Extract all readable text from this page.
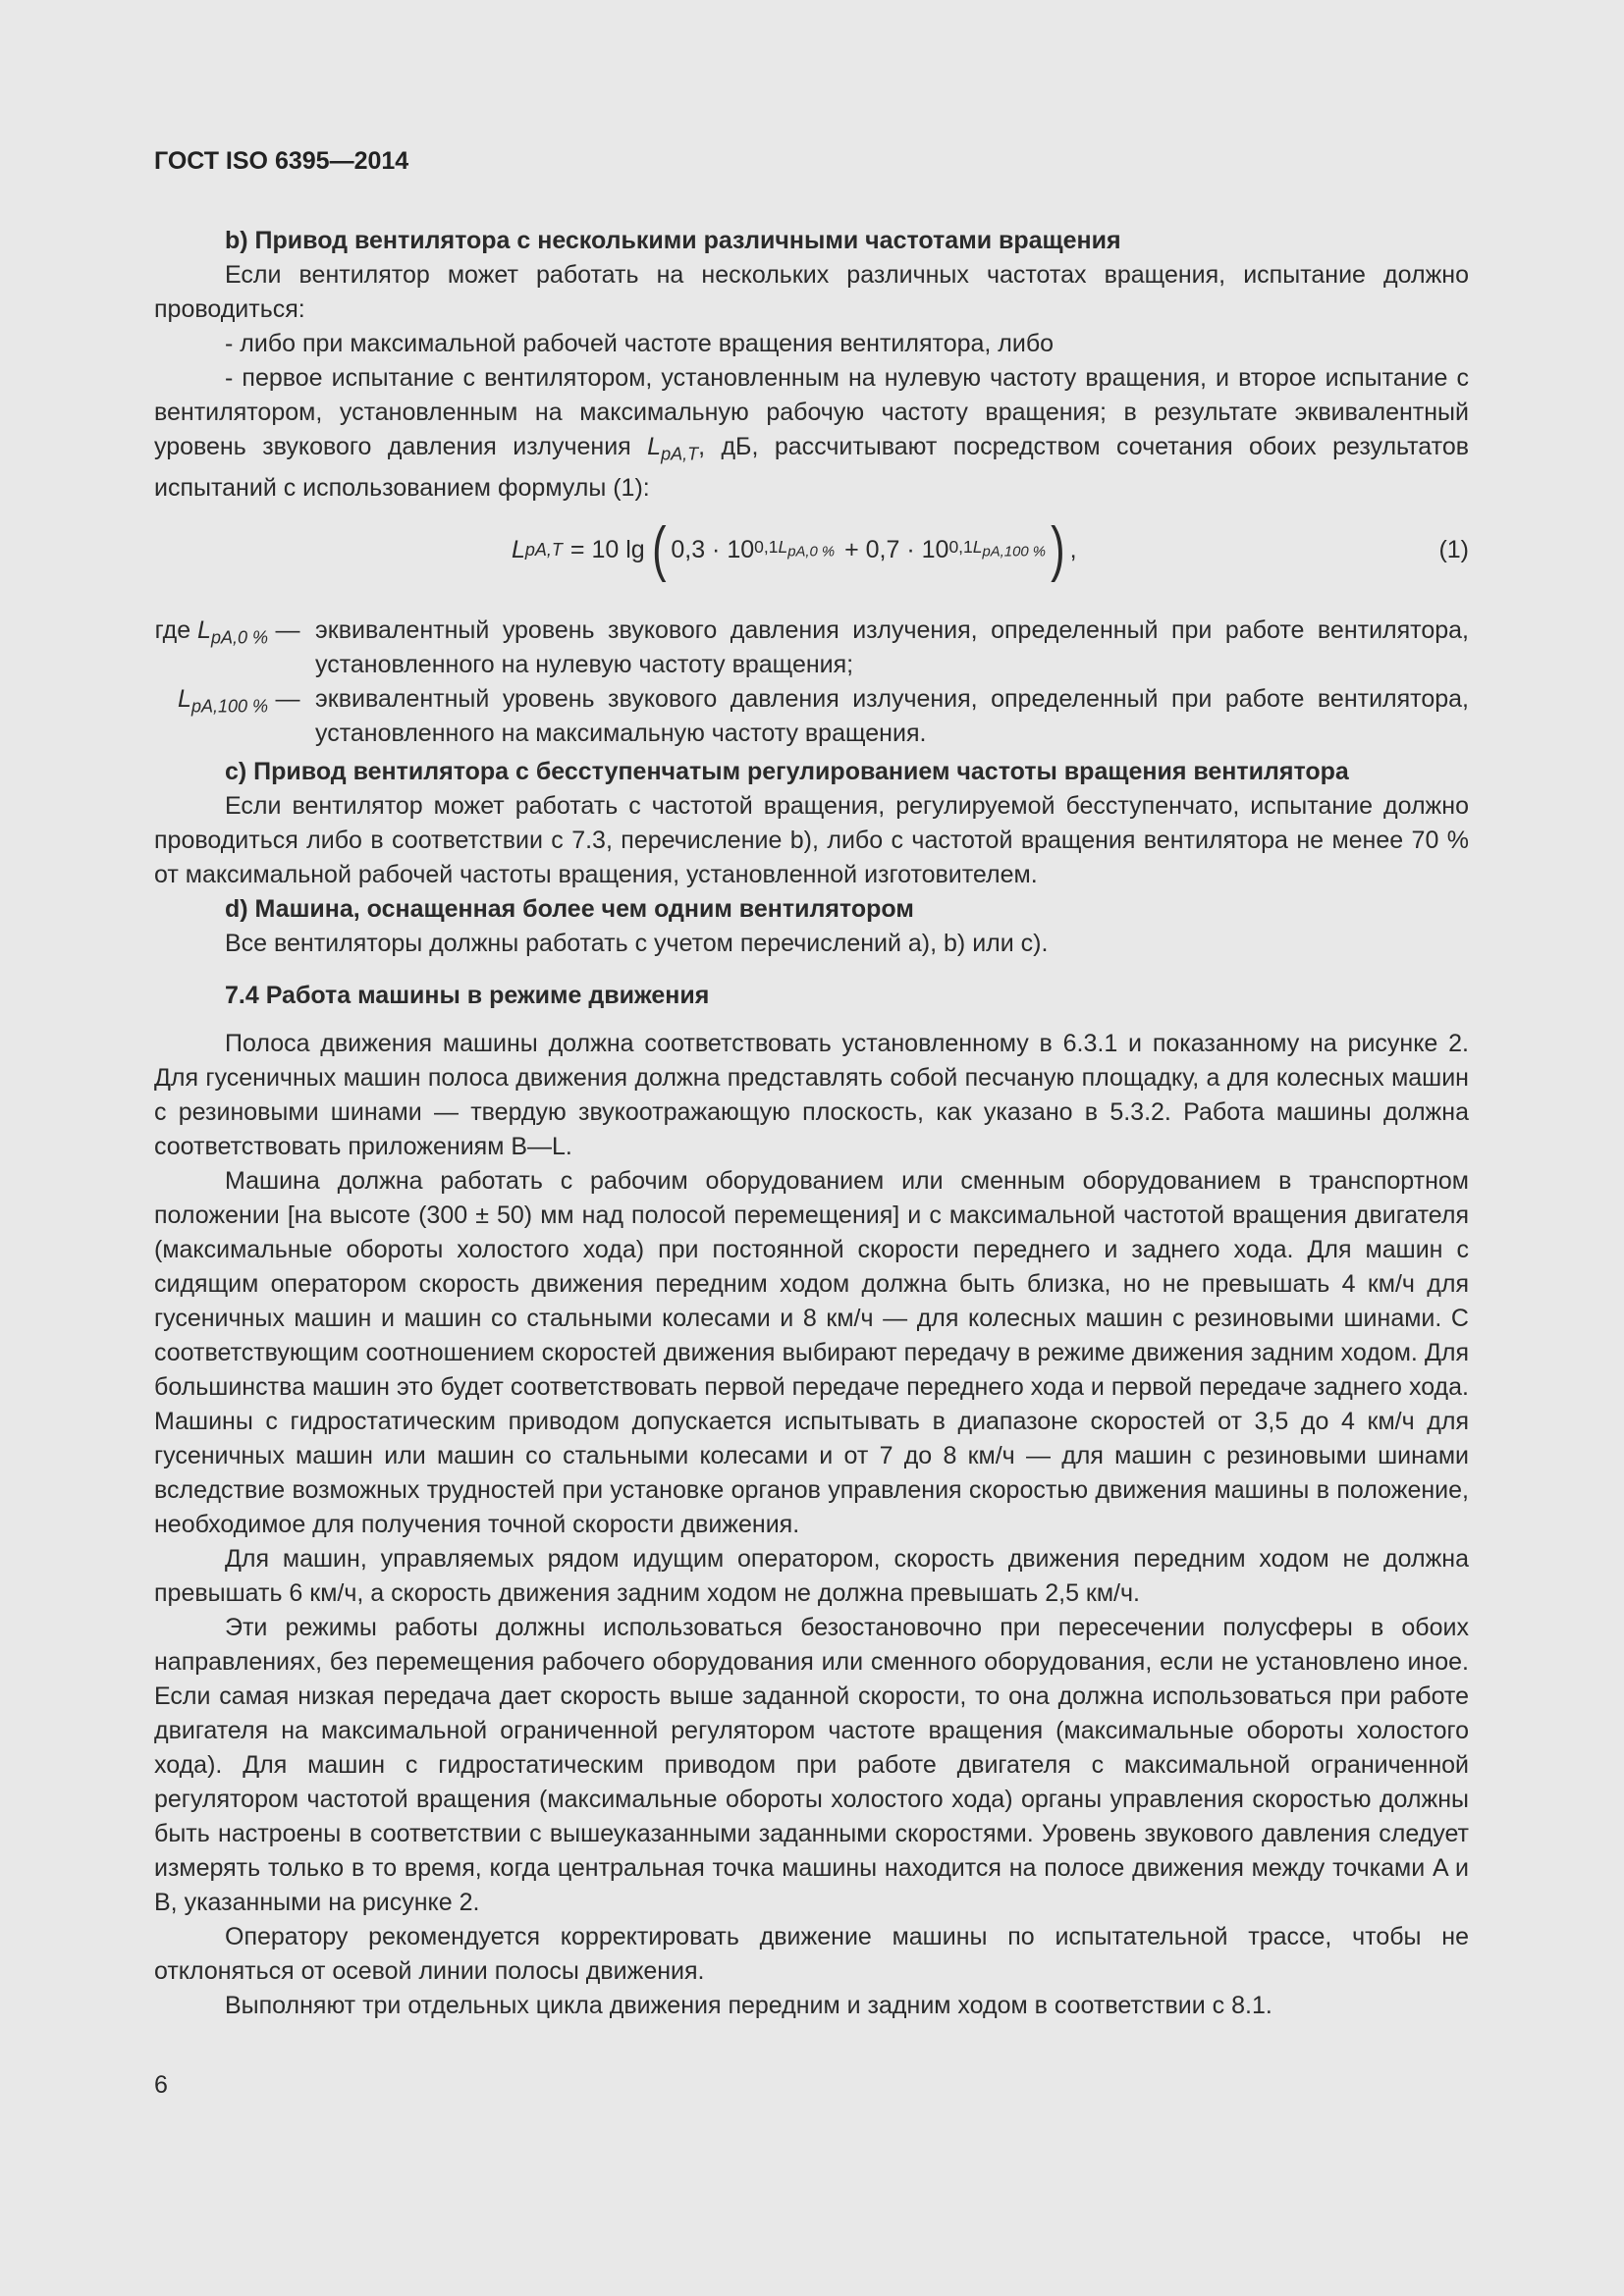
ГОСТ ISO 6395—2014

b) Привод вентилятора с несколькими различными частотами вращения

Если вентилятор может работать на нескольких различных частотах вращения, испытание должно проводиться:

- либо при максимальной рабочей частоте вращения вентилятора, либо

- первое испытание с вентилятором, установленным на нулевую частоту вращения, и второе испытание с вентилятором, установленным на максимальную рабочую частоту вращения; в результате эквивалентный уровень звукового давления излучения $L_{pA,T}$, дБ, рассчитывают посредством сочетания обоих результатов испытаний с использованием формулы (1):

L pA,T = 10 lg ( 0,3 · 10 $0,1L_{pA,0 \%} + 0,7 \cdot 10$ $0,1L_{pA,100 \%}$ ) ,	(1)
где $L_{pA,0 \%}$ — эквивалентный уровень звукового давления излучения, определенный при работе вентилятора, установленного на нулевую частоту вращения;
$L_{pA,100 \%}$ — эквивалентный уровень звукового давления излучения, определенный при работе вентилятора, установленного на максимальную частоту вращения.

c) Привод вентилятора с бесступенчатым регулированием частоты вращения вентилятора

Если вентилятор может работать с частотой вращения, регулируемой бесступенчато, испытание должно проводиться либо в соответствии с 7.3, перечисление b), либо с частотой вращения вентилятора не менее 70 % от максимальной рабочей частоты вращения, установленной изготовителем.

d) Машина, оснащенная более чем одним вентилятором

Все вентиляторы должны работать с учетом перечислений a), b) или c).

7.4 Работа машины в режиме движения

Полоса движения машины должна соответствовать установленному в 6.3.1 и показанному на рисунке 2. Для гусеничных машин полоса движения должна представлять собой песчаную площадку, а для колесных машин с резиновыми шинами — твердую звукоотражающую плоскость, как указано в 5.3.2. Работа машины должна соответствовать приложениям В—L.

Машина должна работать с рабочим оборудованием или сменным оборудованием в транспортном положении [на высоте (300 ± 50) мм над полосой перемещения] и с максимальной частотой вращения двигателя (максимальные обороты холостого хода) при постоянной скорости переднего и заднего хода. Для машин с сидящим оператором скорость движения передним ходом должна быть близка, но не превышать 4 км/ч для гусеничных машин и машин со стальными колесами и 8 км/ч — для колесных машин с резиновыми шинами. С соответствующим соотношением скоростей движения выбирают передачу в режиме движения задним ходом. Для большинства машин это будет соответствовать первой передаче переднего хода и первой передаче заднего хода. Машины с гидростатическим приводом допускается испытывать в диапазоне скоростей от 3,5 до 4 км/ч для гусеничных машин или машин со стальными колесами и от 7 до 8 км/ч — для машин с резиновыми шинами вследствие возможных трудностей при установке органов управления скоростью движения машины в положение, необходимое для получения точной скорости движения.

Для машин, управляемых рядом идущим оператором, скорость движения передним ходом не должна превышать 6 км/ч, а скорость движения задним ходом не должна превышать 2,5 км/ч.

Эти режимы работы должны использоваться безостановочно при пересечении полусферы в обоих направлениях, без перемещения рабочего оборудования или сменного оборудования, если не установлено иное. Если самая низкая передача дает скорость выше заданной скорости, то она должна использоваться при работе двигателя на максимальной ограниченной регулятором частоте вращения (максимальные обороты холостого хода). Для машин с гидростатическим приводом при работе двигателя с максимальной ограниченной регулятором частотой вращения (максимальные обороты холостого хода) органы управления скоростью должны быть настроены в соответствии с вышеуказанными заданными скоростями. Уровень звукового давления следует измерять только в то время, когда центральная точка машины находится на полосе движения между точками A и B, указанными на рисунке 2.

Оператору рекомендуется корректировать движение машины по испытательной трассе, чтобы не отклоняться от осевой линии полосы движения.

Выполняют три отдельных цикла движения передним и задним ходом в соответствии с 8.1.

6
